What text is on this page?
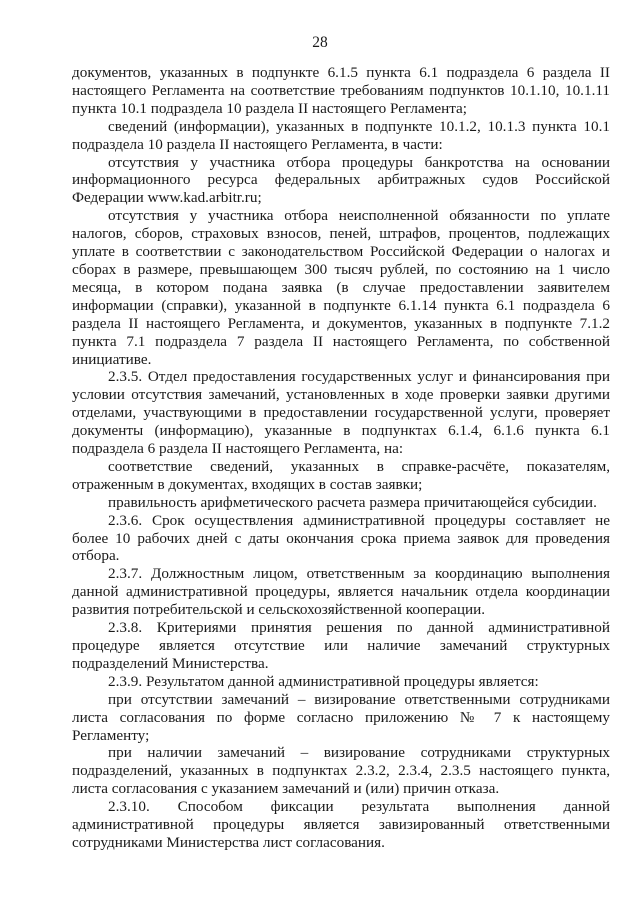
28

документов, указанных в подпункте 6.1.5 пункта 6.1 подраздела 6 раздела II настоящего Регламента на соответствие требованиям подпунктов 10.1.10, 10.1.11 пункта 10.1 подраздела 10 раздела II настоящего Регламента;

сведений (информации), указанных в подпункте 10.1.2, 10.1.3 пункта 10.1 подраздела 10 раздела II настоящего Регламента, в части:

отсутствия у участника отбора процедуры банкротства на основании информационного ресурса федеральных арбитражных судов Российской Федерации www.kad.arbitr.ru;

отсутствия у участника отбора неисполненной обязанности по уплате налогов, сборов, страховых взносов, пеней, штрафов, процентов, подлежащих уплате в соответствии с законодательством Российской Федерации о налогах и сборах в размере, превышающем 300 тысяч рублей, по состоянию на 1 число месяца, в котором подана заявка (в случае предоставлении заявителем информации (справки), указанной в подпункте 6.1.14 пункта 6.1 подраздела 6 раздела II настоящего Регламента, и документов, указанных в подпункте 7.1.2 пункта 7.1 подраздела 7 раздела II настоящего Регламента, по собственной инициативе.

2.3.5. Отдел предоставления государственных услуг и финансирования при условии отсутствия замечаний, установленных в ходе проверки заявки другими отделами, участвующими в предоставлении государственной услуги, проверяет документы (информацию), указанные в подпунктах 6.1.4, 6.1.6 пункта 6.1 подраздела 6 раздела II настоящего Регламента, на:

соответствие сведений, указанных в справке-расчёте, показателям, отраженным в документах, входящих в состав заявки;

правильность арифметического расчета размера причитающейся субсидии.

2.3.6. Срок осуществления административной процедуры составляет не более 10 рабочих дней с даты окончания срока приема заявок для проведения отбора.

2.3.7. Должностным лицом, ответственным за координацию выполнения данной административной процедуры, является начальник отдела координации развития потребительской и сельскохозяйственной кооперации.

2.3.8. Критериями принятия решения по данной административной процедуре является отсутствие или наличие замечаний структурных подразделений Министерства.

2.3.9. Результатом данной административной процедуры является:

при отсутствии замечаний – визирование ответственными сотрудниками листа согласования по форме согласно приложению № 7 к настоящему Регламенту;

при наличии замечаний – визирование сотрудниками структурных подразделений, указанных в подпунктах 2.3.2, 2.3.4, 2.3.5 настоящего пункта, листа согласования с указанием замечаний и (или) причин отказа.

2.3.10. Способом фиксации результата выполнения данной административной процедуры является завизированный ответственными сотрудниками Министерства лист согласования.
